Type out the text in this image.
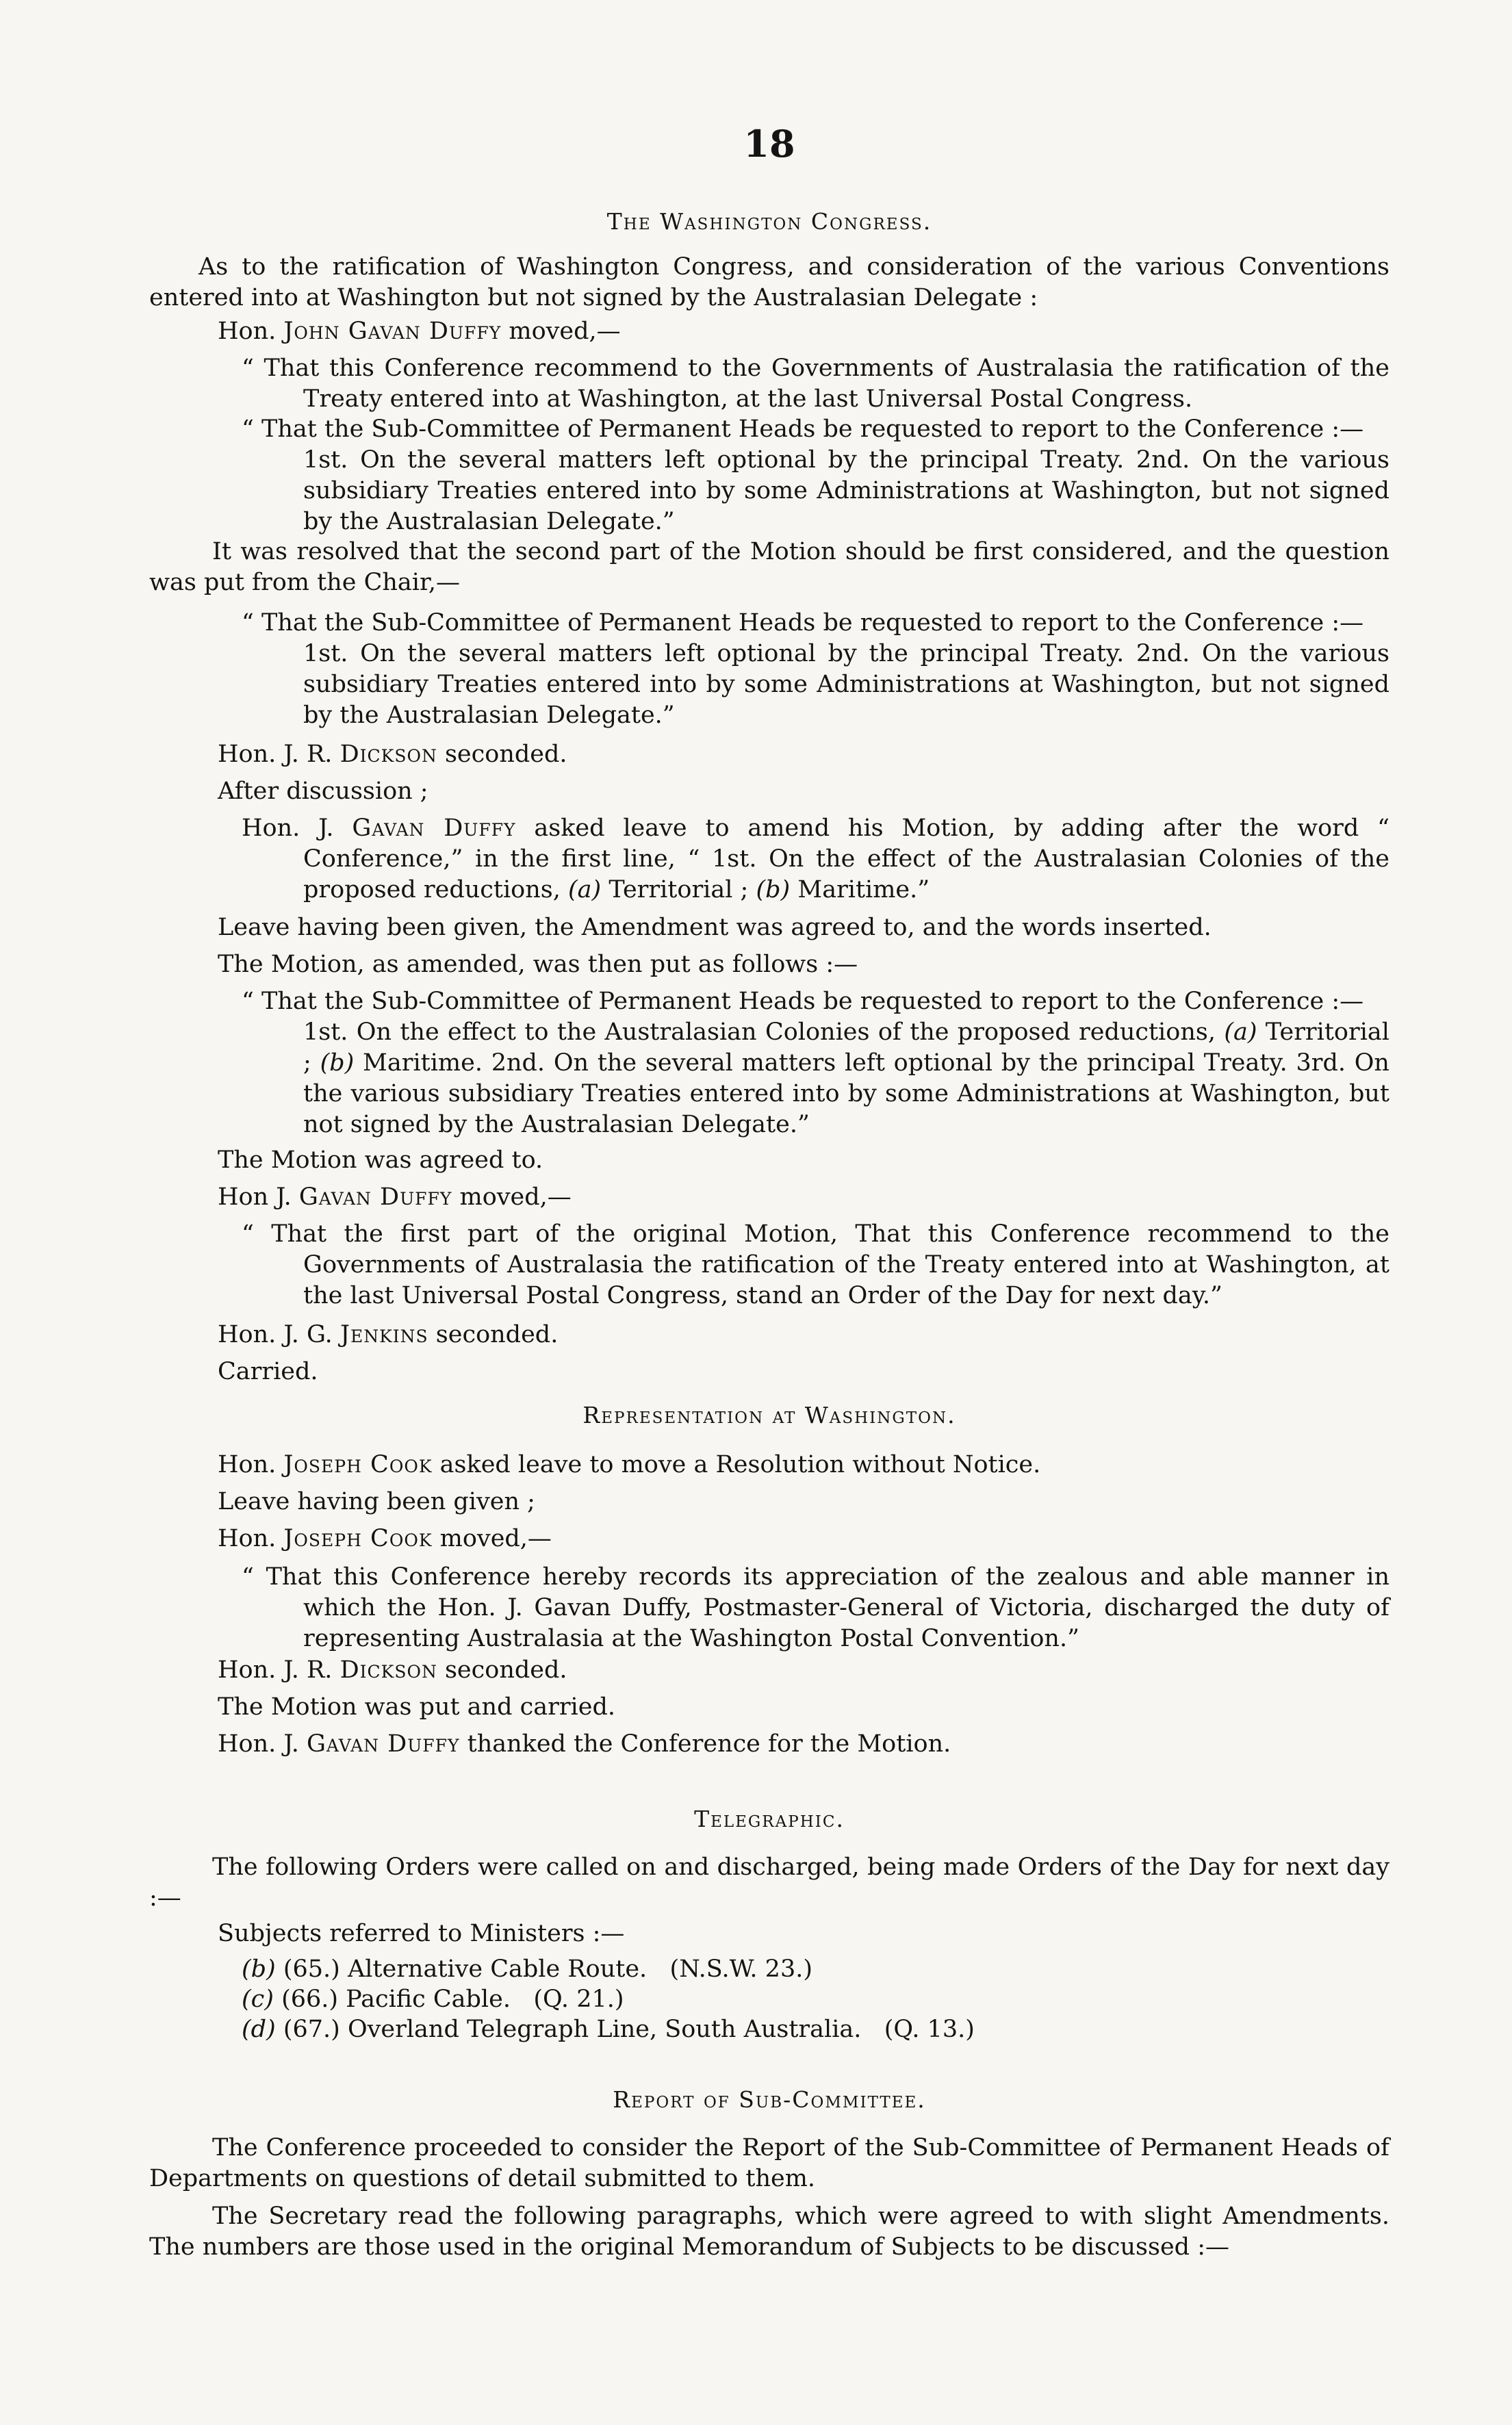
18
The Washington Congress.

As to the ratification of Washington Congress, and consideration of the various Conventions entered into at Washington but not signed by the Australasian Delegate :

Hon. John Gavan Duffy moved,—

“ That this Conference recommend to the Governments of Australasia the ratification of the Treaty entered into at Washington, at the last Universal Postal Congress.

“ That the Sub-Committee of Permanent Heads be requested to report to the Conference :—

1st. On the several matters left optional by the principal Treaty. 2nd. On the various subsidiary Treaties entered into by some Administrations at Washington, but not signed by the Australasian Delegate.”

It was resolved that the second part of the Motion should be first considered, and the question was put from the Chair,—

“ That the Sub-Committee of Permanent Heads be requested to report to the Conference :—

1st. On the several matters left optional by the principal Treaty. 2nd. On the various subsidiary Treaties entered into by some Administrations at Washington, but not signed by the Australasian Delegate.”

Hon. J. R. Dickson seconded.

After discussion ;

Hon. J. Gavan Duffy asked leave to amend his Motion, by adding after the word “ Conference,” in the first line, “ 1st. On the effect of the Australasian Colonies of the proposed reductions, (a) Territorial ; (b) Maritime.”

Leave having been given, the Amendment was agreed to, and the words inserted.

The Motion, as amended, was then put as follows :—

“ That the Sub-Committee of Permanent Heads be requested to report to the Conference :—

1st. On the effect to the Australasian Colonies of the proposed reductions, (a) Territorial ; (b) Maritime. 2nd. On the several matters left optional by the principal Treaty. 3rd. On the various subsidiary Treaties entered into by some Administrations at Washington, but not signed by the Australasian Delegate.”

The Motion was agreed to.

Hon J. Gavan Duffy moved,—

“ That the first part of the original Motion, That this Conference recommend to the Governments of Australasia the ratification of the Treaty entered into at Washington, at the last Universal Postal Congress, stand an Order of the Day for next day.”

Hon. J. G. Jenkins seconded.

Carried.

Representation at Washington.

Hon. Joseph Cook asked leave to move a Resolution without Notice.

Leave having been given ;

Hon. Joseph Cook moved,—

“ That this Conference hereby records its appreciation of the zealous and able manner in which the Hon. J. Gavan Duffy, Postmaster-General of Victoria, discharged the duty of representing Australasia at the Washington Postal Convention.”

Hon. J. R. Dickson seconded.

The Motion was put and carried.

Hon. J. Gavan Duffy thanked the Conference for the Motion.

Telegraphic.

The following Orders were called on and discharged, being made Orders of the Day for next day :—

Subjects referred to Ministers :—

(b) (65.) Alternative Cable Route.   (N.S.W. 23.)

(c) (66.) Pacific Cable.   (Q. 21.)

(d) (67.) Overland Telegraph Line, South Australia.   (Q. 13.)

Report of Sub-Committee.

The Conference proceeded to consider the Report of the Sub-Committee of Permanent Heads of Departments on questions of detail submitted to them.

The Secretary read the following paragraphs, which were agreed to with slight Amendments. The numbers are those used in the original Memorandum of Subjects to be discussed :—
